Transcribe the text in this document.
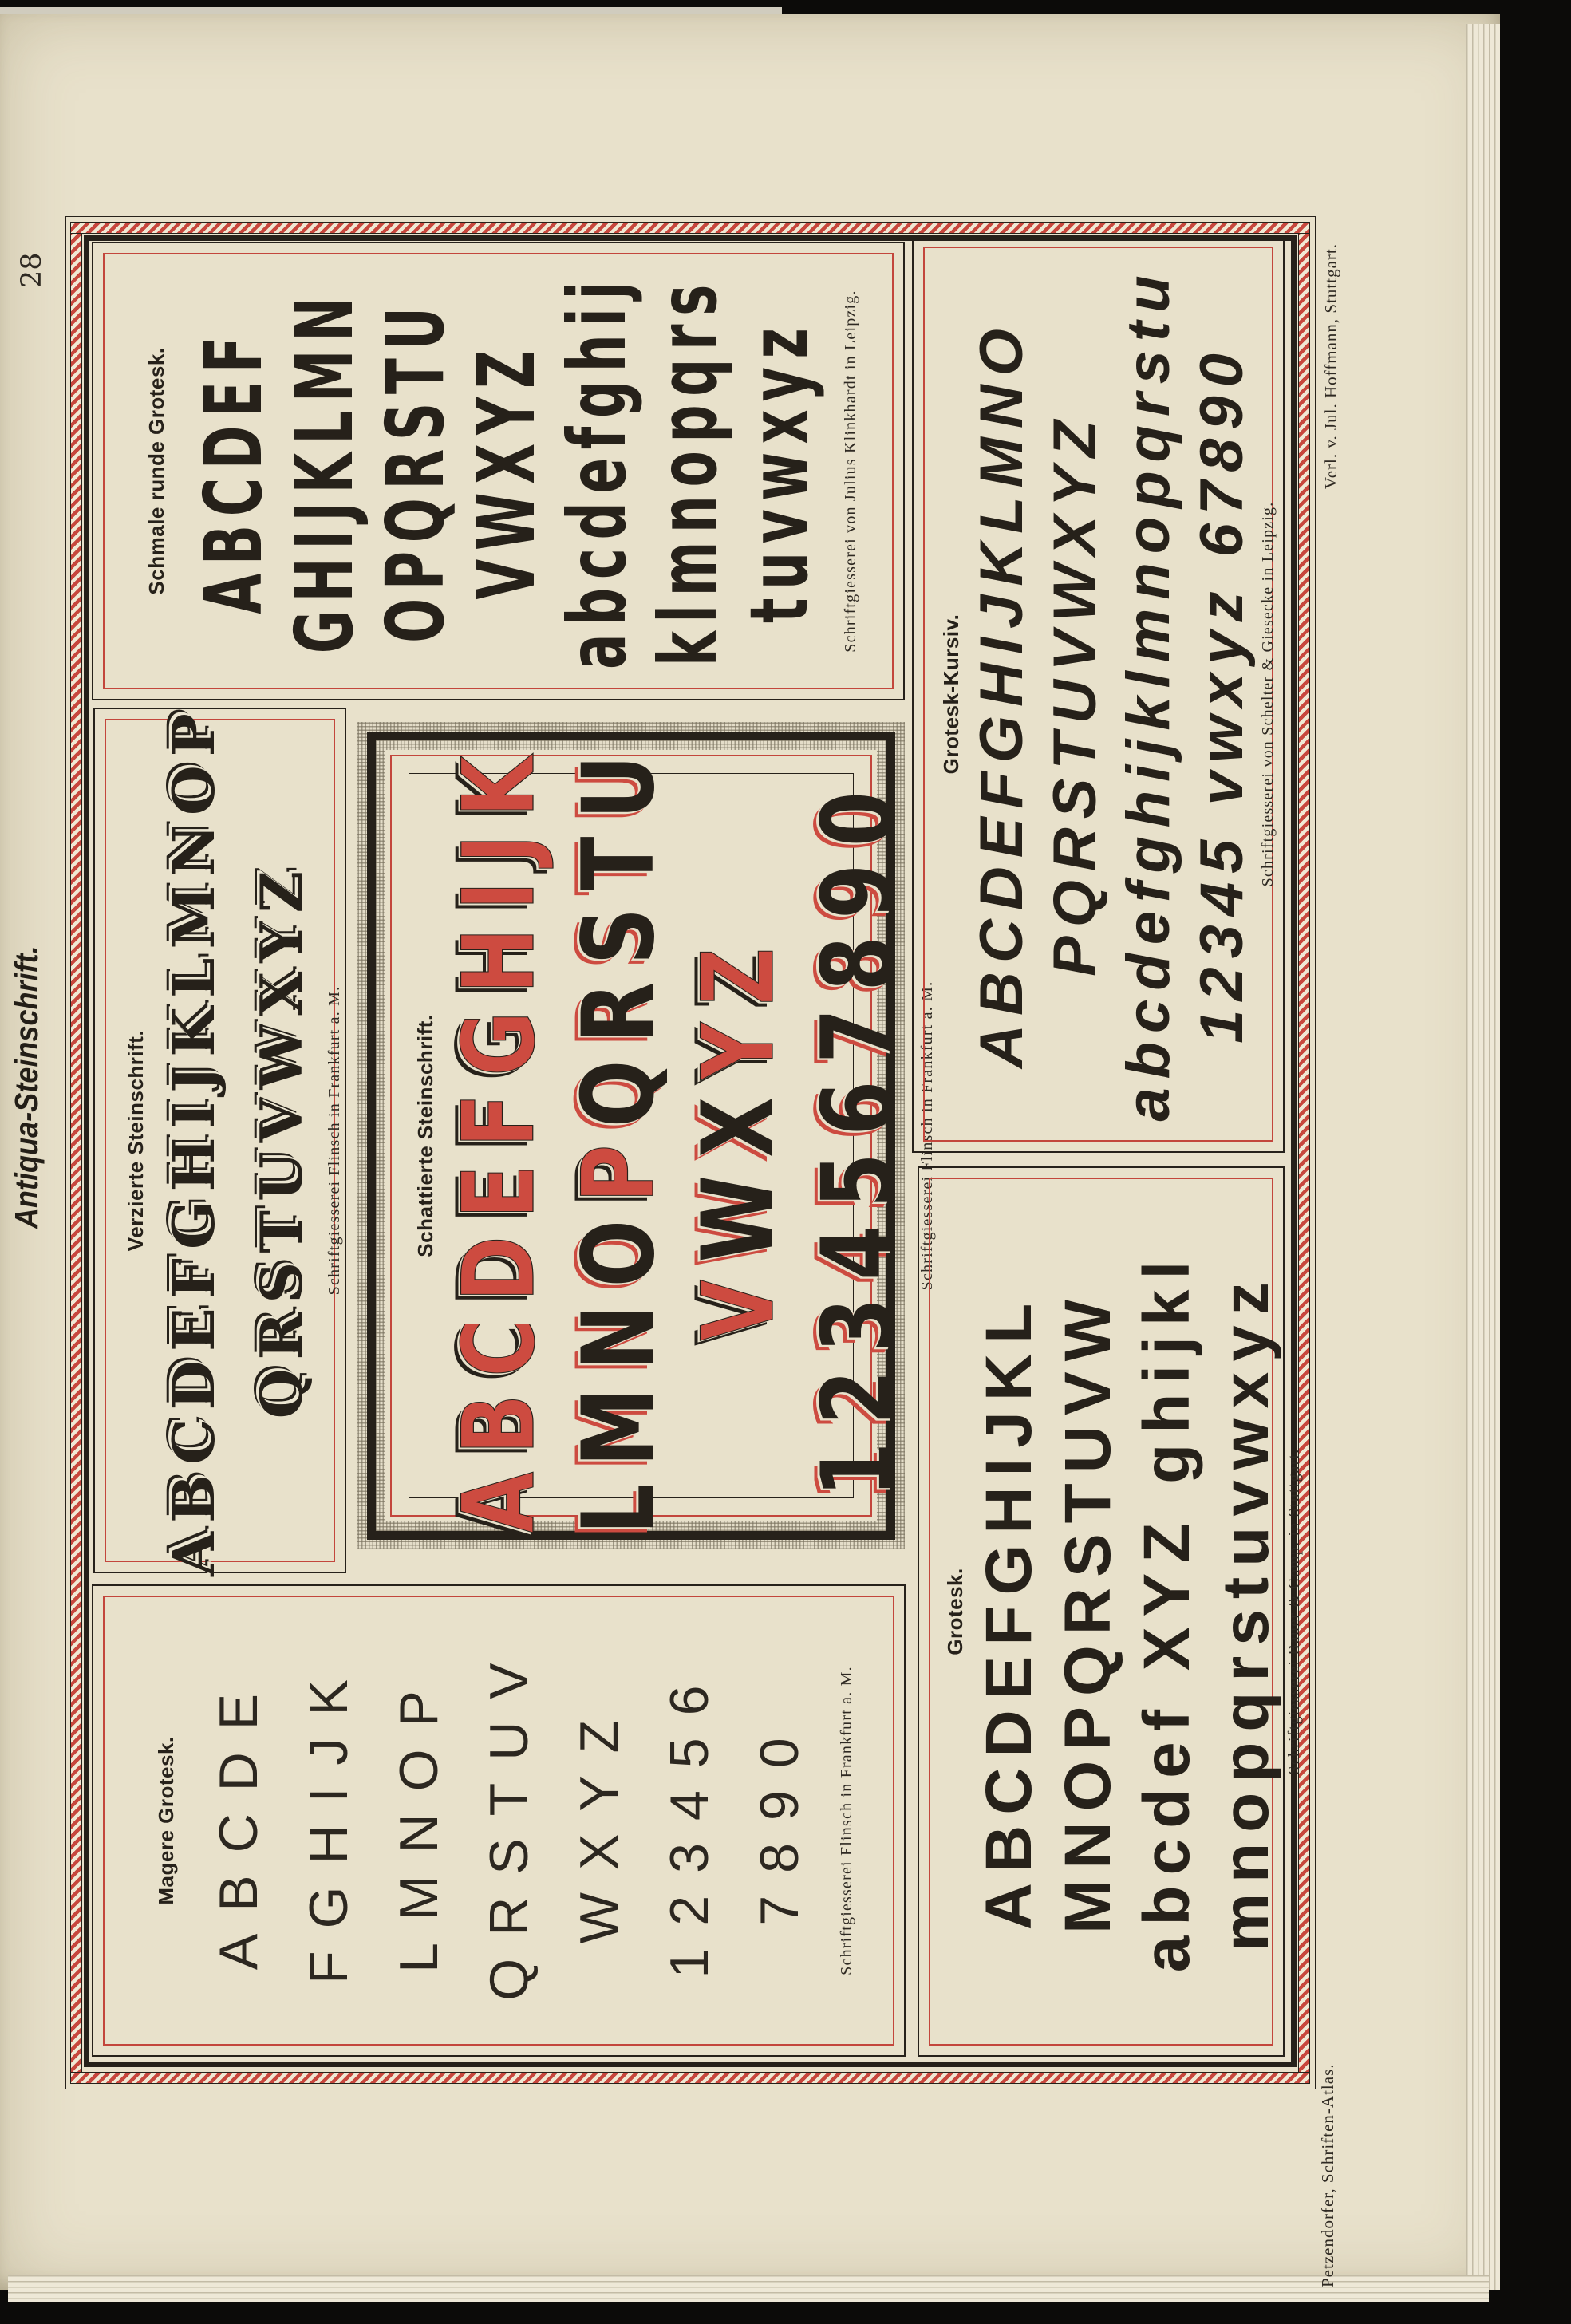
Antiqua-Steinschrift.
28
Magere Grotesk. ABCDE FGHIJK LMNOP QRSTUV WXYZ 123456 7890	Schriftgiesserei Flinsch in Frankfurt a. M.
Verzierte Steinschrift. ABCDEFGHIJKLMNOP QRSTUVWXYZ Schriftgiesserei Flinsch in Frankfurt a. M.	Schattierte Steinschrift.	Schriftgiesserei Flinsch in Frankfurt a. M.
Schmale runde Grotesk. ABCDEF
GHIJKLMN
OPQRSTU
VWXYZ
abcdefghij
klmnopqrs
tuvwxyz Schriftgiesserei von Julius Klinkhardt in Leipzig.
Grotesk-Kursiv. ABCDEFGHIJKLMNO PQRSTUVWXYZ abcdefghijklmnopqrstu 12345 vwxyz 67890 Schriftgiesserei von Schelter & Giesecke in Leipzig.
Grotesk. ABCDEFGHIJKL MNOPQRSTUVW abcdef XYZ ghijkl mnopqrstuvwxyz Schriftgiesserei Bauer & Comp. in Stuttgart.
Petzendorfer, Schriften-Atlas.
Verl. v. Jul. Hoffmann, Stuttgart.
